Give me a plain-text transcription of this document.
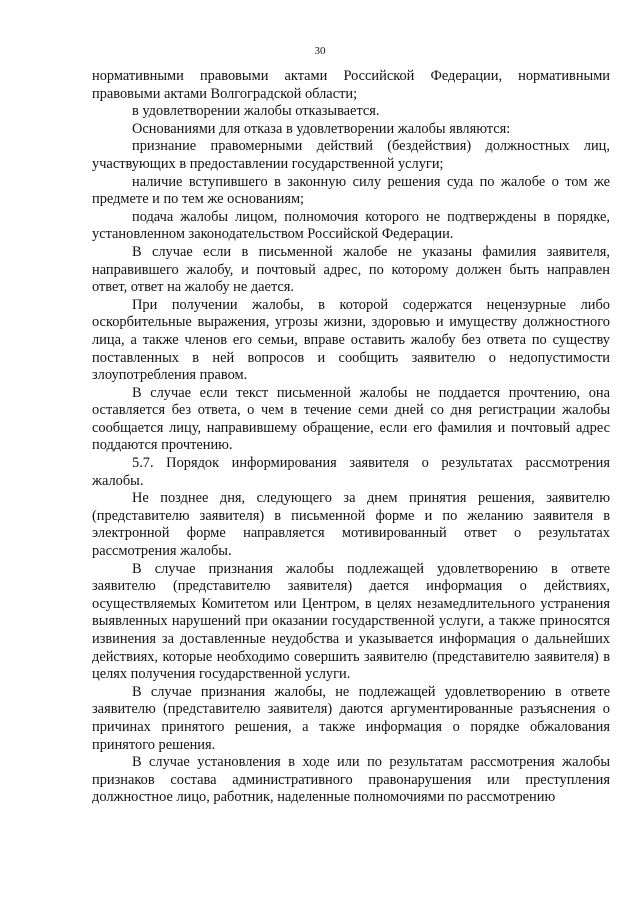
30

нормативными правовыми актами Российской Федерации, нормативными правовыми актами Волгоградской области;

в удовлетворении жалобы отказывается.

Основаниями для отказа в удовлетворении жалобы являются:

признание правомерными действий (бездействия) должностных лиц, участвующих в предоставлении государственной услуги;

наличие вступившего в законную силу решения суда по жалобе о том же предмете и по тем же основаниям;

подача жалобы лицом, полномочия которого не подтверждены в порядке, установленном законодательством Российской Федерации.

В случае если в письменной жалобе не указаны фамилия заявителя, направившего жалобу, и почтовый адрес, по которому должен быть направлен ответ, ответ на жалобу не дается.

При получении жалобы, в которой содержатся нецензурные либо оскорбительные выражения, угрозы жизни, здоровью и имуществу должностного лица, а также членов его семьи, вправе оставить жалобу без ответа по существу поставленных в ней вопросов и сообщить заявителю о недопустимости злоупотребления правом.

В случае если текст письменной жалобы не поддается прочтению, она оставляется без ответа, о чем в течение семи дней со дня регистрации жалобы сообщается лицу, направившему обращение, если его фамилия и почтовый адрес поддаются прочтению.

5.7. Порядок информирования заявителя о результатах рассмотрения жалобы.

Не позднее дня, следующего за днем принятия решения, заявителю (представителю заявителя) в письменной форме и по желанию заявителя в электронной форме направляется мотивированный ответ о результатах рассмотрения жалобы.

В случае признания жалобы подлежащей удовлетворению в ответе заявителю (представителю заявителя) дается информация о действиях, осуществляемых Комитетом или Центром, в целях незамедлительного устранения выявленных нарушений при оказании государственной услуги, а также приносятся извинения за доставленные неудобства и указывается информация о дальнейших действиях, которые необходимо совершить заявителю (представителю заявителя) в целях получения государственной услуги.

В случае признания жалобы, не подлежащей удовлетворению в ответе заявителю (представителю заявителя) даются аргументированные разъяснения о причинах принятого решения, а также информация о порядке обжалования принятого решения.

В случае установления в ходе или по результатам рассмотрения жалобы признаков состава административного правонарушения или преступления должностное лицо, работник, наделенные полномочиями по рассмотрению
